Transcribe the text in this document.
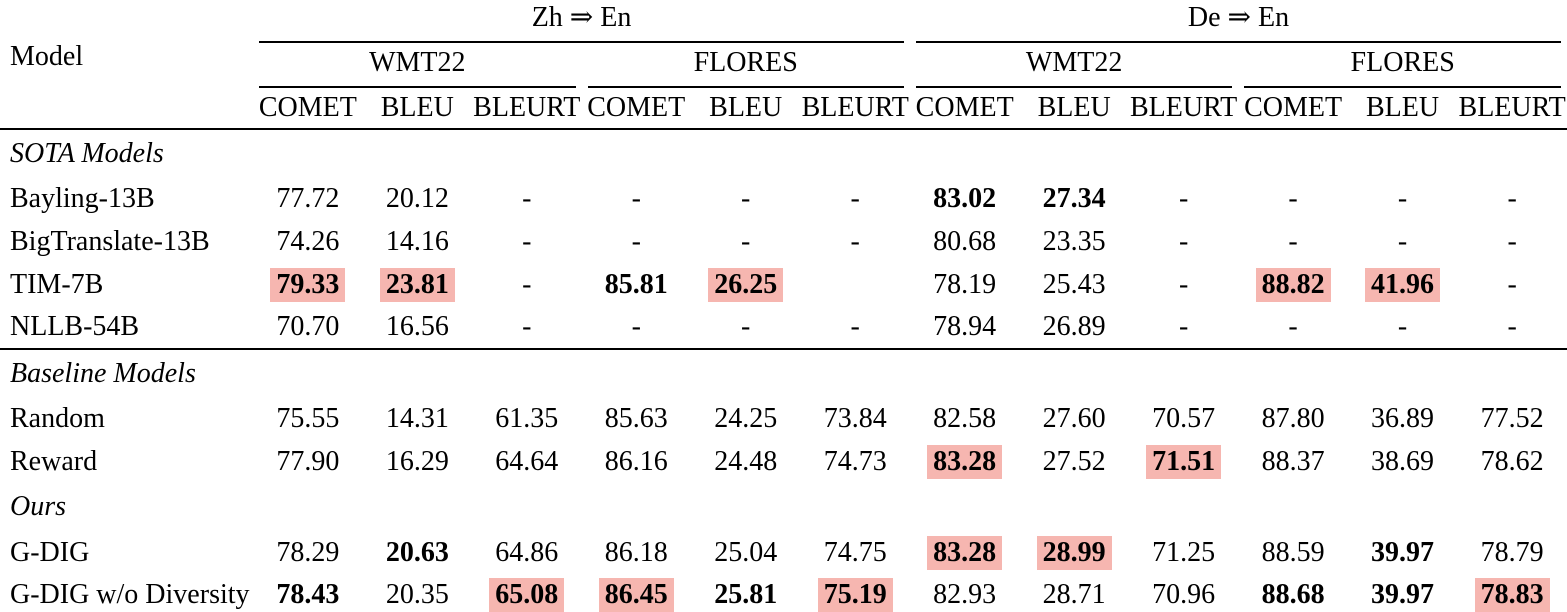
Model	Zh ⇒ En						De ⇒ En					

	WMT22			FLORES			WMT22			FLORES		

	COMET	BLEU	BLEURT	COMET	BLEU	BLEURT	COMET	BLEU	BLEURT	COMET	BLEU	BLEURT
SOTA Models												
Bayling-13B	77.72	20.12	-	-	-	-	83.02	27.34	-	-	-	-
BigTranslate-13B	74.26	14.16	-	-	-	-	80.68	23.35	-	-	-	-
TIM-7B	79.33	23.81	-	85.81	26.25		78.19	25.43	-	88.82	41.96	-
NLLB-54B	70.70	16.56	-	-	-	-	78.94	26.89	-	-	-	-
Baseline Models												
Random	75.55	14.31	61.35	85.63	24.25	73.84	82.58	27.60	70.57	87.80	36.89	77.52
Reward	77.90	16.29	64.64	86.16	24.48	74.73	83.28	27.52	71.51	88.37	38.69	78.62
Ours												
G-DIG	78.29	20.63	64.86	86.18	25.04	74.75	83.28	28.99	71.25	88.59	39.97	78.79
G-DIG w/o Diversity	78.43	20.35	65.08	86.45	25.81	75.19	82.93	28.71	70.96	88.68	39.97	78.83
